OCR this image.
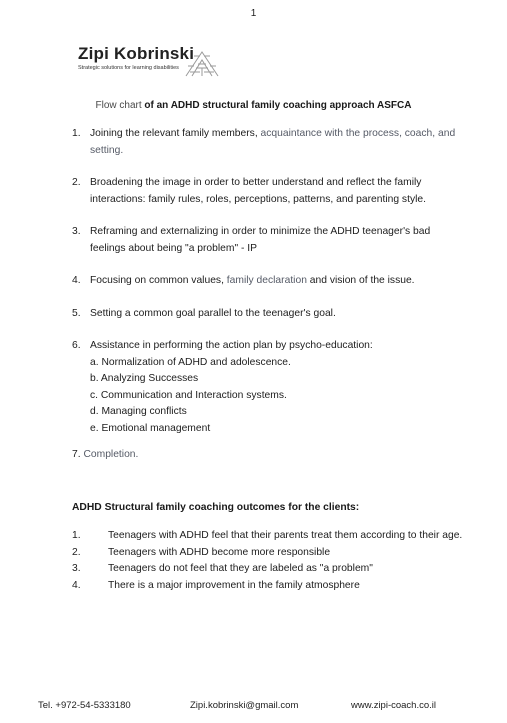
1
Zipi Kobrinski
Strategic solutions for learning disabilities
Flow chart of an ADHD structural family coaching approach ASFCA
1. Joining the relevant family members, acquaintance with the process, coach, and setting.
2. Broadening the image in order to better understand and reflect the family interactions: family rules, roles, perceptions, patterns, and parenting style.
3. Reframing and externalizing in order to minimize the ADHD teenager's bad feelings about being "a problem" - IP
4. Focusing on common values, family declaration and vision of the issue.
5. Setting a common goal parallel to the teenager's goal.
6. Assistance in performing the action plan by psycho-education:
a. Normalization of ADHD and adolescence.
b. Analyzing Successes
c. Communication and Interaction systems.
d. Managing conflicts
e. Emotional management
7. Completion.
ADHD Structural family coaching outcomes for the clients:
1.	Teenagers with ADHD feel that their parents treat them according to their age.
2.	Teenagers with ADHD become more responsible
3.	Teenagers do not feel that they are labeled as "a problem"
4.	There is a major improvement in the family atmosphere
Tel. +972-54-5333180	Zipi.kobrinski@gmail.com	www.zipi-coach.co.il
